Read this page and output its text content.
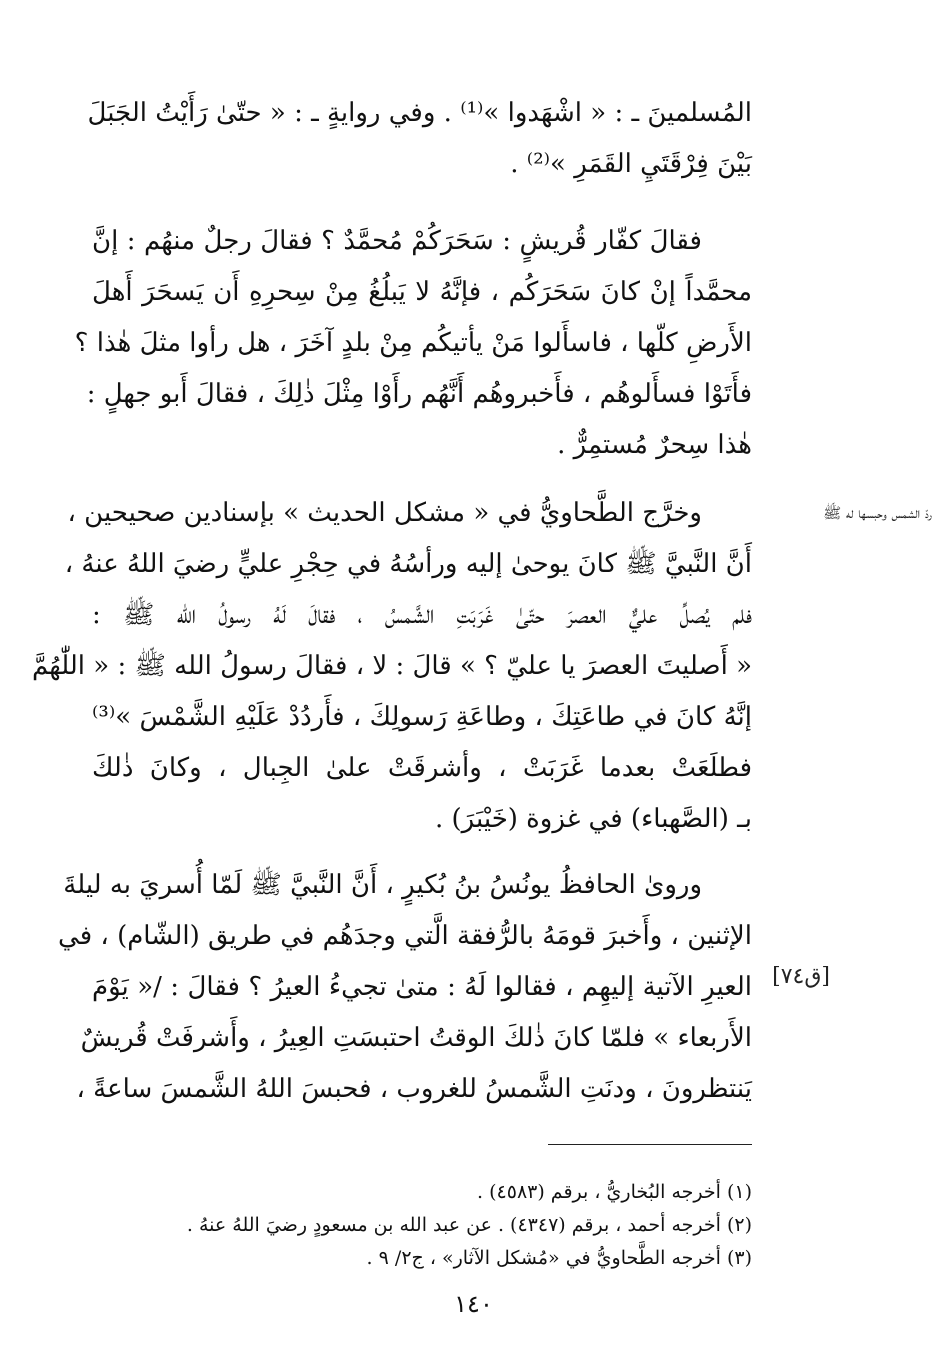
المُسلمينَ ـ : « اشْهَدوا »⁽¹⁾ . وفي روايةٍ ـ : « حتّىٰ رَأَيْتُ الجَبَلَ
بَيْنَ فِرْقَتَيِ القَمَرِ »⁽²⁾ .
فقالَ كفّار قُريشٍ : سَحَرَكُمْ مُحمَّدٌ ؟ فقالَ رجلٌ منهُم : إنَّ
محمَّداً إنْ كانَ سَحَرَكُم ، فإنَّهُ لا يَبلُغُ مِنْ سِحرِهِ أَن يَسحَرَ أَهلَ
الأَرضِ كلّها ، فاسأَلوا مَنْ يأتيكُم مِنْ بلدٍ آخَرَ ، هل رأوا مثلَ هٰذا ؟
فأَتَوْا فسأَلوهُم ، فأَخبروهُم أَنَّهُم رأَوْا مِثْلَ ذٰلِكَ ، فقالَ أَبو جهلٍ :
هٰذا سِحرٌ مُستمِرٌّ .
وخرَّج الطَّحاويُّ في « مشكل الحديث » بإسنادين صحيحين ،
أَنَّ النَّبيَّ ﷺ كانَ يوحىٰ إليه ورأسُهُ في حِجْرِ عليٍّ رضيَ اللهُ عنهُ ،
فلم يُصلِّ عليٌّ العصرَ حتّىٰ غَرَبَتِ الشَّمسُ ، فقالَ لَهُ رسولُ الله ﷺ :
« أَصليتَ العصرَ يا عليّ ؟ » قالَ : لا ، فقالَ رسولُ الله ﷺ : « اللّٰهُمَّ
إنَّهُ كانَ في طاعَتِكَ ، وطاعَةِ رَسولِكَ ، فأَردُدْ عَلَيْهِ الشَّمْسَ »⁽³⁾
فطلَعَتْ بعدما غَرَبَتْ ، وأشرقَتْ علىٰ الجِبال ، وكانَ ذٰلكَ
بـ (الصَّهباء) في غزوة (خَيْبَرَ) .
وروىٰ الحافظُ يونُسُ بنُ بُكيرٍ ، أَنَّ النَّبيَّ ﷺ لَمّا أُسريَ به ليلةَ
الإثنين ، وأَخبرَ قومَهُ بالرُّفقة الَّتي وجدَهُم في طريق (الشّام) ، في
العيرِ الآتية إليهِم ، فقالوا لَهُ : متىٰ تجيءُ العيرُ ؟ فقالَ : /« يَوْمَ
الأَربعاء » فلمّا كانَ ذٰلكَ الوقتُ احتبسَتِ العِيرُ ، وأَشرفَتْ قُريشٌ
يَنتظرونَ ، ودنَتِ الشَّمسُ للغروب ، فحبسَ اللهُ الشَّمسَ ساعةً ،
ردّ الشمس وحبسها له ﷺ
[ق٧٤]
(١) أخرجه البُخاريُّ ، برقم (٤٥٨٣) .
(٢) أخرجه أحمد ، برقم (٤٣٤٧) . عن عبد الله بن مسعودٍ رضيَ اللهُ عنهُ .
(٣) أخرجه الطَّحاويُّ في «مُشكل الآثار» ، ج٢/ ٩ .
١٤٠
